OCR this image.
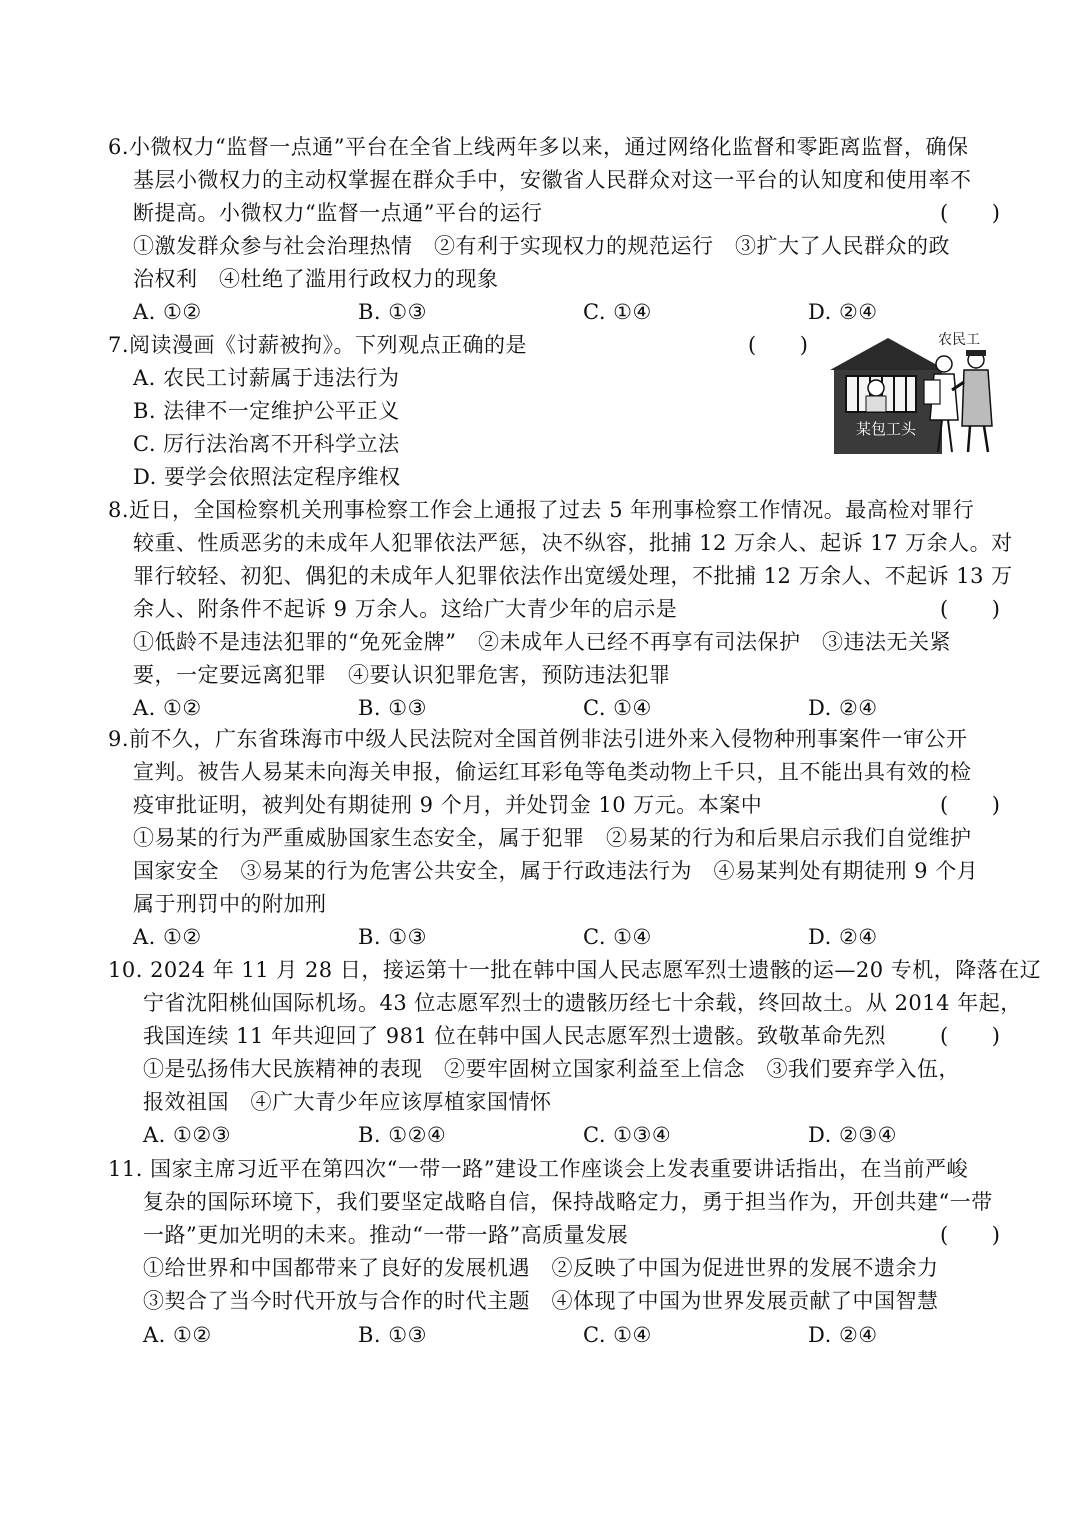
6.小微权力“监督一点通”平台在全省上线两年多以来，通过网络化监督和零距离监督，确保
基层小微权力的主动权掌握在群众手中，安徽省人民群众对这一平台的认知度和使用率不
断提高。小微权力“监督一点通”平台的运行	(　　)
①激发群众参与社会治理热情　②有利于实现权力的规范运行　③扩大了人民群众的政
治权利　④杜绝了滥用行政权力的现象
A. ①②	B. ①③	C. ①④	D. ②④
7.阅读漫画《讨薪被拘》。下列观点正确的是	(　　)
A. 农民工讨薪属于违法行为
B. 法律不一定维护公平正义
C. 厉行法治离不开科学立法
D. 要学会依照法定程序维权
某包工头
农民工
8.近日，全国检察机关刑事检察工作会上通报了过去 5 年刑事检察工作情况。最高检对罪行
较重、性质恶劣的未成年人犯罪依法严惩，决不纵容，批捕 12 万余人、起诉 17 万余人。对
罪行较轻、初犯、偶犯的未成年人犯罪依法作出宽缓处理，不批捕 12 万余人、不起诉 13 万
余人、附条件不起诉 9 万余人。这给广大青少年的启示是	(　　)
①低龄不是违法犯罪的“免死金牌”　②未成年人已经不再享有司法保护　③违法无关紧
要，一定要远离犯罪　④要认识犯罪危害，预防违法犯罪
A. ①②	B. ①③	C. ①④	D. ②④
9.前不久，广东省珠海市中级人民法院对全国首例非法引进外来入侵物种刑事案件一审公开
宣判。被告人易某未向海关申报，偷运红耳彩龟等龟类动物上千只，且不能出具有效的检
疫审批证明，被判处有期徒刑 9 个月，并处罚金 10 万元。本案中	(　　)
①易某的行为严重威胁国家生态安全，属于犯罪　②易某的行为和后果启示我们自觉维护
国家安全　③易某的行为危害公共安全，属于行政违法行为　④易某判处有期徒刑 9 个月
属于刑罚中的附加刑
A. ①②	B. ①③	C. ①④	D. ②④
10. 2024 年 11 月 28 日，接运第十一批在韩中国人民志愿军烈士遗骸的运—20 专机，降落在辽
宁省沈阳桃仙国际机场。43 位志愿军烈士的遗骸历经七十余载，终回故土。从 2014 年起，
我国连续 11 年共迎回了 981 位在韩中国人民志愿军烈士遗骸。致敬革命先烈	(　　)
①是弘扬伟大民族精神的表现　②要牢固树立国家利益至上信念　③我们要弃学入伍，
报效祖国　④广大青少年应该厚植家国情怀
A. ①②③	B. ①②④	C. ①③④	D. ②③④
11. 国家主席习近平在第四次“一带一路”建设工作座谈会上发表重要讲话指出，在当前严峻
复杂的国际环境下，我们要坚定战略自信，保持战略定力，勇于担当作为，开创共建“一带
一路”更加光明的未来。推动“一带一路”高质量发展	(　　)
①给世界和中国都带来了良好的发展机遇　②反映了中国为促进世界的发展不遗余力
③契合了当今时代开放与合作的时代主题　④体现了中国为世界发展贡献了中国智慧
A. ①②	B. ①③	C. ①④	D. ②④
